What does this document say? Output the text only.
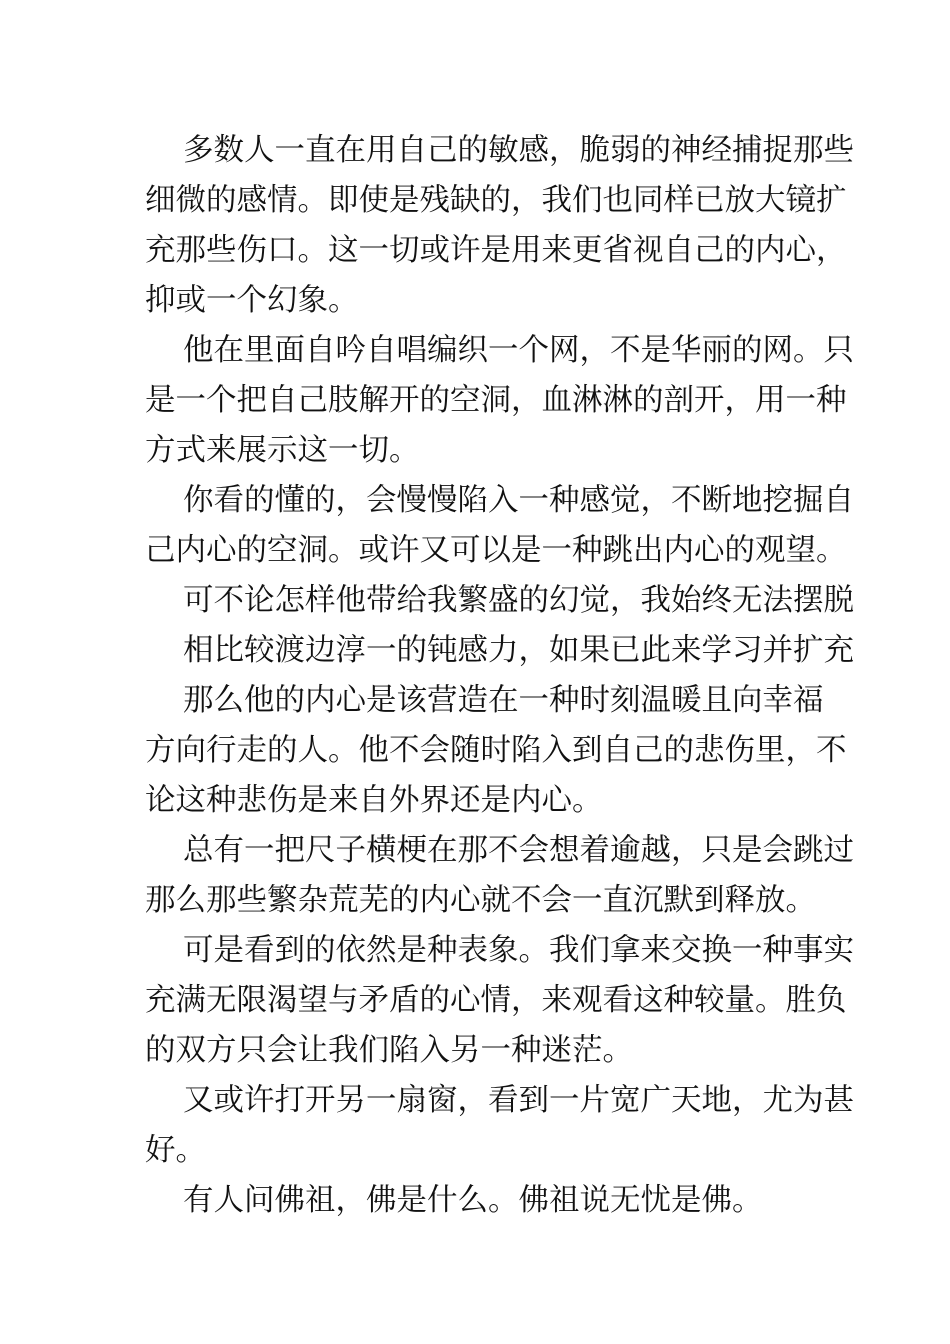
多数人一直在用自己的敏感，脆弱的神经捕捉那些
细微的感情。即使是残缺的，我们也同样已放大镜扩
充那些伤口。这一切或许是用来更省视自己的内心，
抑或一个幻象。

他在里面自吟自唱编织一个网，不是华丽的网。只
是一个把自己肢解开的空洞，血淋淋的剖开，用一种
方式来展示这一切。

你看的懂的，会慢慢陷入一种感觉，不断地挖掘自
己内心的空洞。或许又可以是一种跳出内心的观望。

可不论怎样他带给我繁盛的幻觉，我始终无法摆脱

相比较渡边淳一的钝感力，如果已此来学习并扩充

那么他的内心是该营造在一种时刻温暖且向幸福
方向行走的人。他不会随时陷入到自己的悲伤里，不
论这种悲伤是来自外界还是内心。

总有一把尺子横梗在那不会想着逾越，只是会跳过
那么那些繁杂荒芜的内心就不会一直沉默到释放。

可是看到的依然是种表象。我们拿来交换一种事实
充满无限渴望与矛盾的心情，来观看这种较量。胜负
的双方只会让我们陷入另一种迷茫。

又或许打开另一扇窗，看到一片宽广天地，尤为甚
好。

有人问佛祖，佛是什么。佛祖说无忧是佛。
